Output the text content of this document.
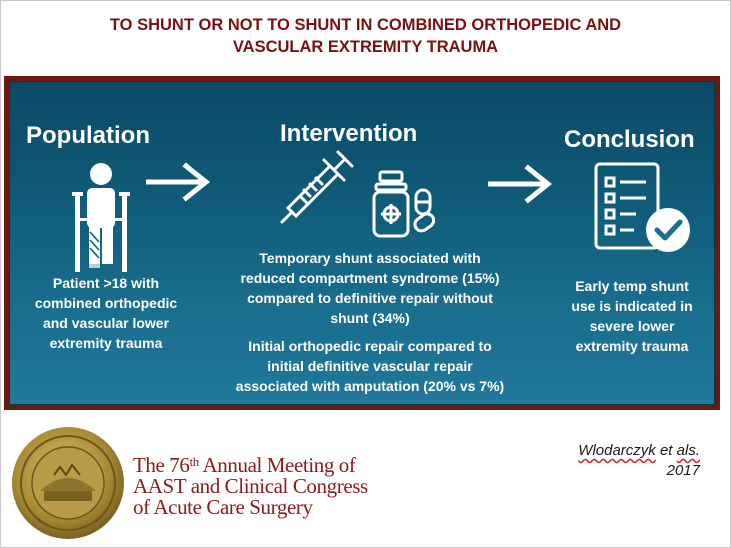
TO SHUNT OR NOT TO SHUNT IN COMBINED ORTHOPEDIC AND
VASCULAR EXTREMITY TRAUMA
Population
Patient >18 with
combined orthopedic
and vascular lower
extremity trauma
Intervention
Temporary shunt associated with
reduced compartment syndrome (15%)
compared to definitive repair without
shunt (34%)
Initial orthopedic repair compared to
initial definitive vascular repair
associated with amputation (20% vs 7%)
Conclusion
Early temp shunt
use is indicated in
severe lower
extremity trauma
The 76th Annual Meeting of
AAST and Clinical Congress
of Acute Care Surgery
Wlodarczyk et als.
2017
